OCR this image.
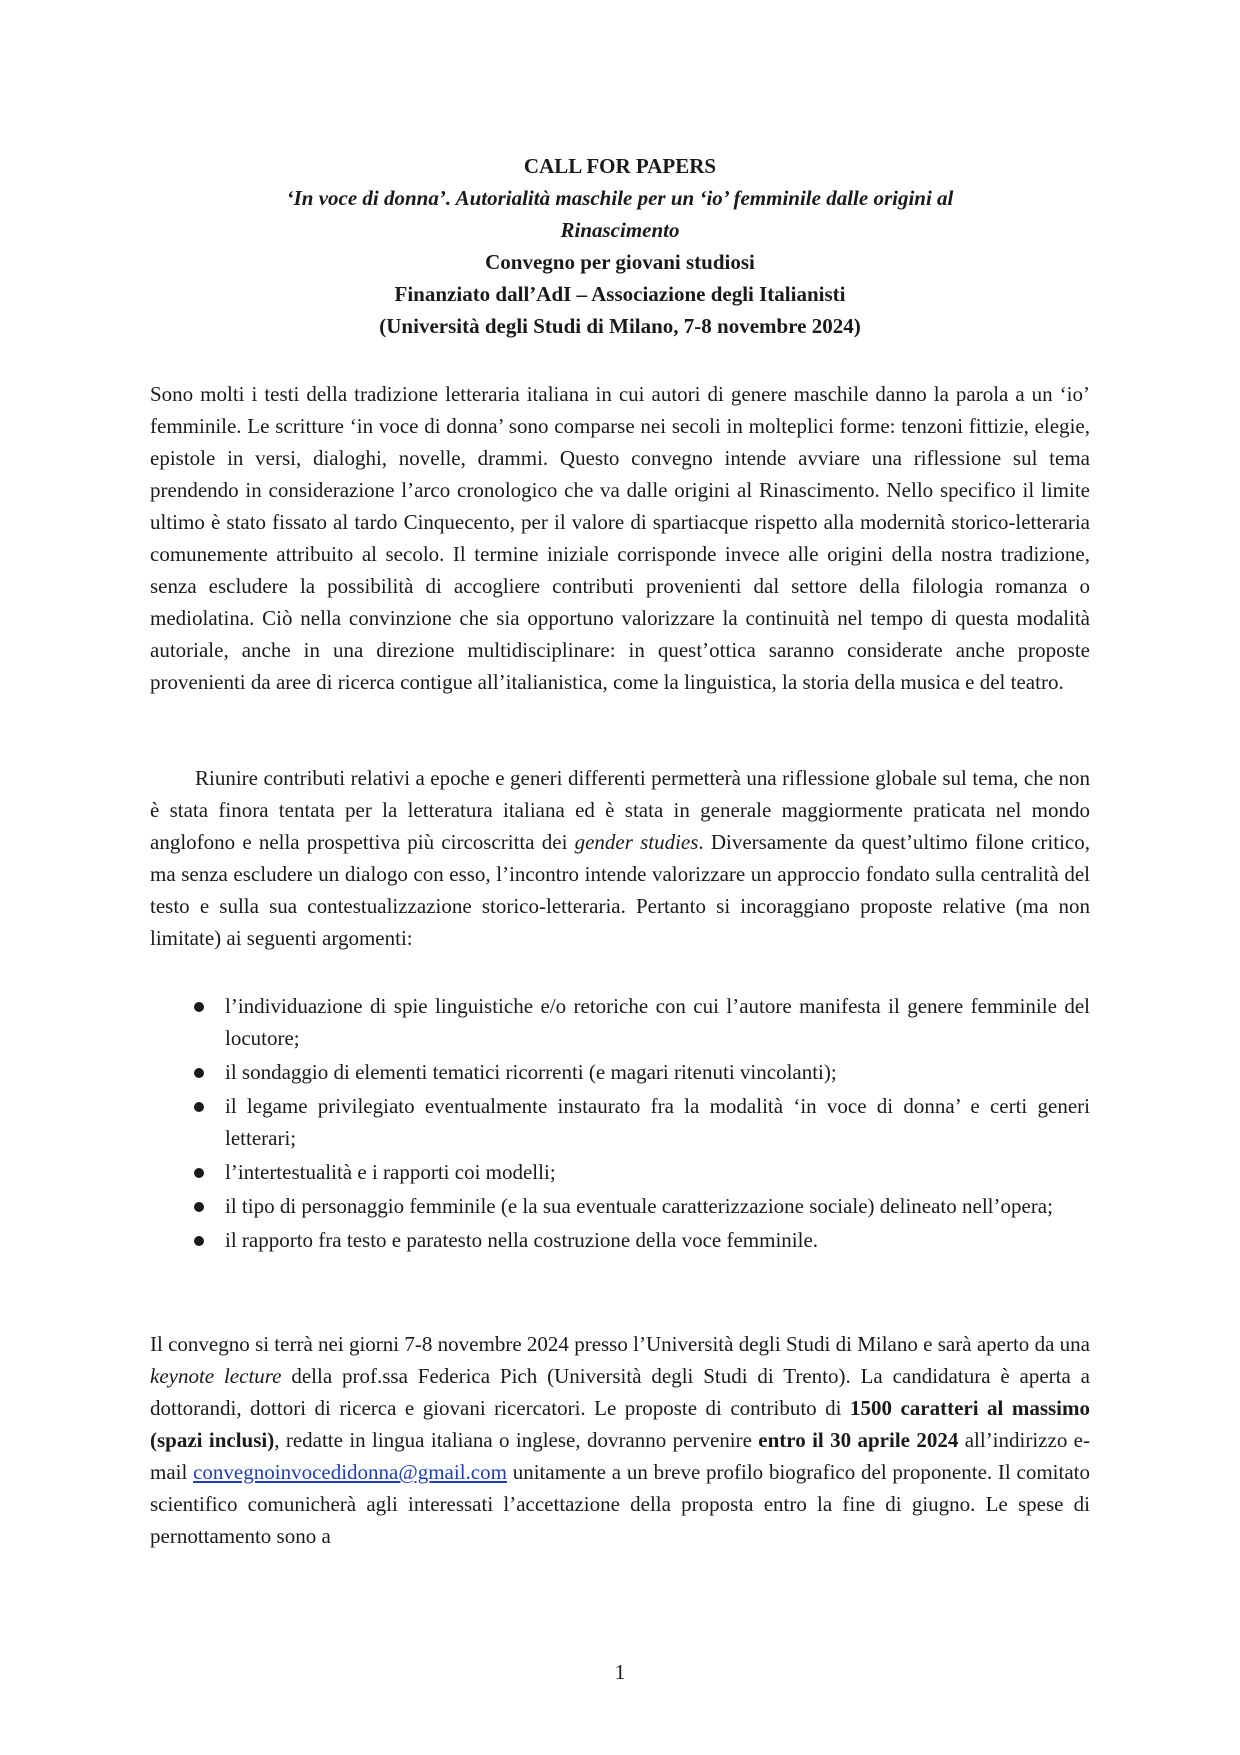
CALL FOR PAPERS
‘In voce di donna’. Autorialità maschile per un ‘io’ femminile dalle origini al
Rinascimento
Convegno per giovani studiosi
Finanziato dall’AdI – Associazione degli Italianisti
(Università degli Studi di Milano, 7-8 novembre 2024)

Sono molti i testi della tradizione letteraria italiana in cui autori di genere maschile danno la parola a un ‘io’ femminile. Le scritture ‘in voce di donna’ sono comparse nei secoli in molteplici forme: tenzoni fittizie, elegie, epistole in versi, dialoghi, novelle, drammi. Questo convegno intende avviare una riflessione sul tema prendendo in considerazione l’arco cronologico che va dalle origini al Rinascimento. Nello specifico il limite ultimo è stato fissato al tardo Cinquecento, per il valore di spartiacque rispetto alla modernità storico-letteraria comunemente attribuito al secolo. Il termine iniziale corrisponde invece alle origini della nostra tradizione, senza escludere la possibilità di accogliere contributi provenienti dal settore della filologia romanza o mediolatina. Ciò nella convinzione che sia opportuno valorizzare la continuità nel tempo di questa modalità autoriale, anche in una direzione multidisciplinare: in quest’ottica saranno considerate anche proposte provenienti da aree di ricerca contigue all’italianistica, come la linguistica, la storia della musica e del teatro.

Riunire contributi relativi a epoche e generi differenti permetterà una riflessione globale sul tema, che non è stata finora tentata per la letteratura italiana ed è stata in generale maggiormente praticata nel mondo anglofono e nella prospettiva più circoscritta dei gender studies. Diversamente da quest’ultimo filone critico, ma senza escludere un dialogo con esso, l’incontro intende valorizzare un approccio fondato sulla centralità del testo e sulla sua contestualizzazione storico-letteraria. Pertanto si incoraggiano proposte relative (ma non limitate) ai seguenti argomenti:

l’individuazione di spie linguistiche e/o retoriche con cui l’autore manifesta il genere femminile del locutore;
il sondaggio di elementi tematici ricorrenti (e magari ritenuti vincolanti);
il legame privilegiato eventualmente instaurato fra la modalità ‘in voce di donna’ e certi generi letterari;
l’intertestualità e i rapporti coi modelli;
il tipo di personaggio femminile (e la sua eventuale caratterizzazione sociale) delineato nell’opera;
il rapporto fra testo e paratesto nella costruzione della voce femminile.

Il convegno si terrà nei giorni 7-8 novembre 2024 presso l’Università degli Studi di Milano e sarà aperto da una keynote lecture della prof.ssa Federica Pich (Università degli Studi di Trento). La candidatura è aperta a dottorandi, dottori di ricerca e giovani ricercatori. Le proposte di contributo di 1500 caratteri al massimo (spazi inclusi), redatte in lingua italiana o inglese, dovranno pervenire entro il 30 aprile 2024 all’indirizzo e-mail convegnoinvocedidonna@gmail.com unitamente a un breve profilo biografico del proponente. Il comitato scientifico comunicherà agli interessati l’accettazione della proposta entro la fine di giugno. Le spese di pernottamento sono a

1
